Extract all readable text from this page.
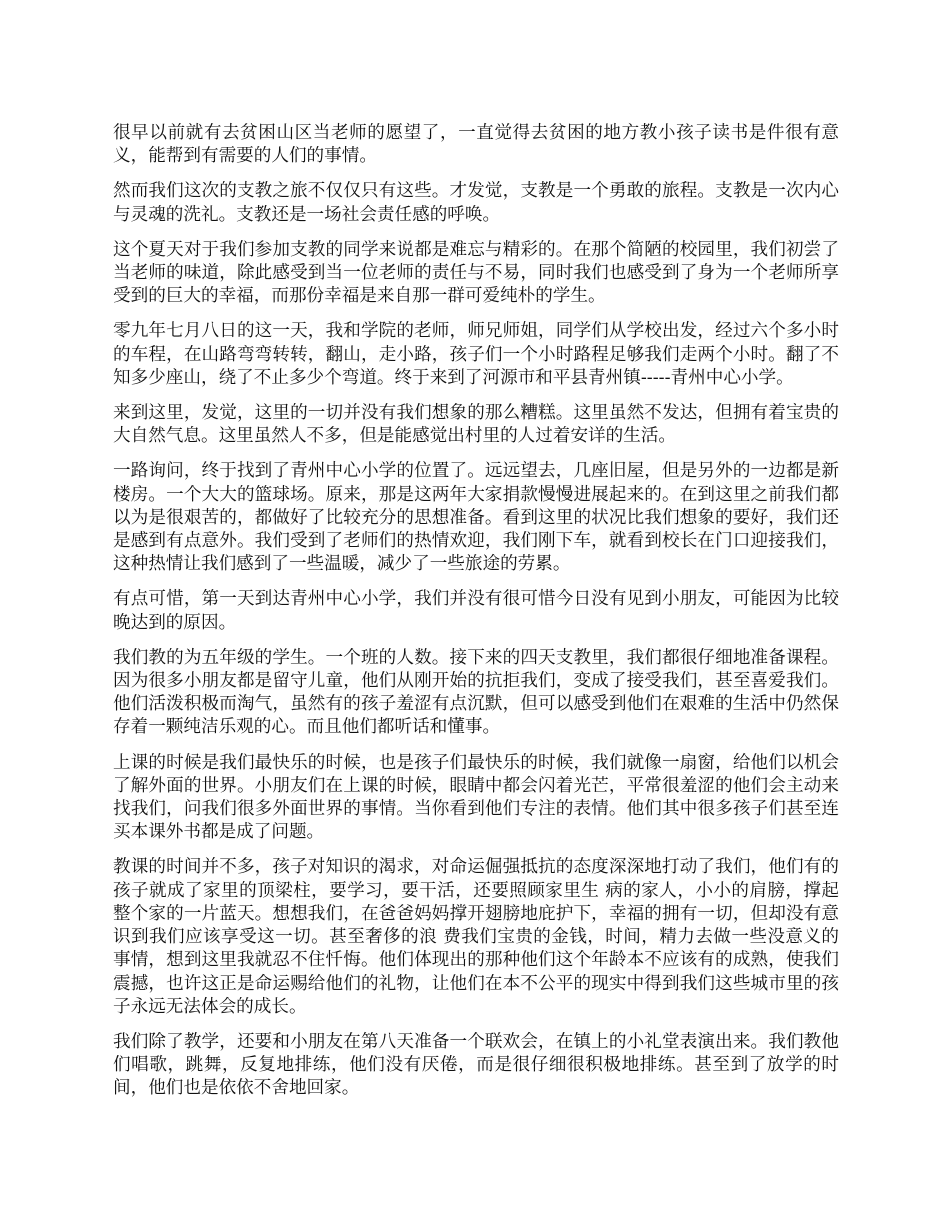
很早以前就有去贫困山区当老师的愿望了，一直觉得去贫困的地方教小孩子读书是件很有意义，能帮到有需要的人们的事情。

然而我们这次的支教之旅不仅仅只有这些。才发觉，支教是一个勇敢的旅程。支教是一次内心与灵魂的洗礼。支教还是一场社会责任感的呼唤。

这个夏天对于我们参加支教的同学来说都是难忘与精彩的。在那个简陋的校园里，我们初尝了当老师的味道，除此感受到当一位老师的责任与不易，同时我们也感受到了身为一个老师所享受到的巨大的幸福，而那份幸福是来自那一群可爱纯朴的学生。

零九年七月八日的这一天，我和学院的老师，师兄师姐，同学们从学校出发，经过六个多小时的车程，在山路弯弯转转，翻山，走小路，孩子们一个小时路程足够我们走两个小时。翻了不知多少座山，绕了不止多少个弯道。终于来到了河源市和平县青州镇-----青州中心小学。

来到这里，发觉，这里的一切并没有我们想象的那么糟糕。这里虽然不发达，但拥有着宝贵的大自然气息。这里虽然人不多，但是能感觉出村里的人过着安详的生活。

一路询问，终于找到了青州中心小学的位置了。远远望去，几座旧屋，但是另外的一边都是新楼房。一个大大的篮球场。原来，那是这两年大家捐款慢慢进展起来的。在到这里之前我们都以为是很艰苦的，都做好了比较充分的思想准备。看到这里的状况比我们想象的要好，我们还是感到有点意外。我们受到了老师们的热情欢迎，我们刚下车，就看到校长在门口迎接我们，这种热情让我们感到了一些温暖，减少了一些旅途的劳累。

有点可惜，第一天到达青州中心小学，我们并没有很可惜今日没有见到小朋友，可能因为比较晚达到的原因。

我们教的为五年级的学生。一个班的人数。接下来的四天支教里，我们都很仔细地准备课程。因为很多小朋友都是留守儿童，他们从刚开始的抗拒我们，变成了接受我们，甚至喜爱我们。他们活泼积极而淘气，虽然有的孩子羞涩有点沉默，但可以感受到他们在艰难的生活中仍然保存着一颗纯洁乐观的心。而且他们都听话和懂事。

上课的时候是我们最快乐的时候，也是孩子们最快乐的时候，我们就像一扇窗，给他们以机会了解外面的世界。小朋友们在上课的时候，眼睛中都会闪着光芒，平常很羞涩的他们会主动来找我们，问我们很多外面世界的事情。当你看到他们专注的表情。他们其中很多孩子们甚至连买本课外书都是成了问题。

教课的时间并不多，孩子对知识的渴求，对命运倔强抵抗的态度深深地打动了我们，他们有的孩子就成了家里的顶梁柱，要学习，要干活，还要照顾家里生 病的家人，小小的肩膀，撑起整个家的一片蓝天。想想我们，在爸爸妈妈撑开翅膀地庇护下，幸福的拥有一切，但却没有意识到我们应该享受这一切。甚至奢侈的浪 费我们宝贵的金钱，时间，精力去做一些没意义的事情，想到这里我就忍不住忏悔。他们体现出的那种他们这个年龄本不应该有的成熟，使我们震撼，也许这正是命运赐给他们的礼物，让他们在本不公平的现实中得到我们这些城市里的孩子永远无法体会的成长。

我们除了教学，还要和小朋友在第八天准备一个联欢会，在镇上的小礼堂表演出来。我们教他们唱歌，跳舞，反复地排练，他们没有厌倦，而是很仔细很积极地排练。甚至到了放学的时间，他们也是依依不舍地回家。
